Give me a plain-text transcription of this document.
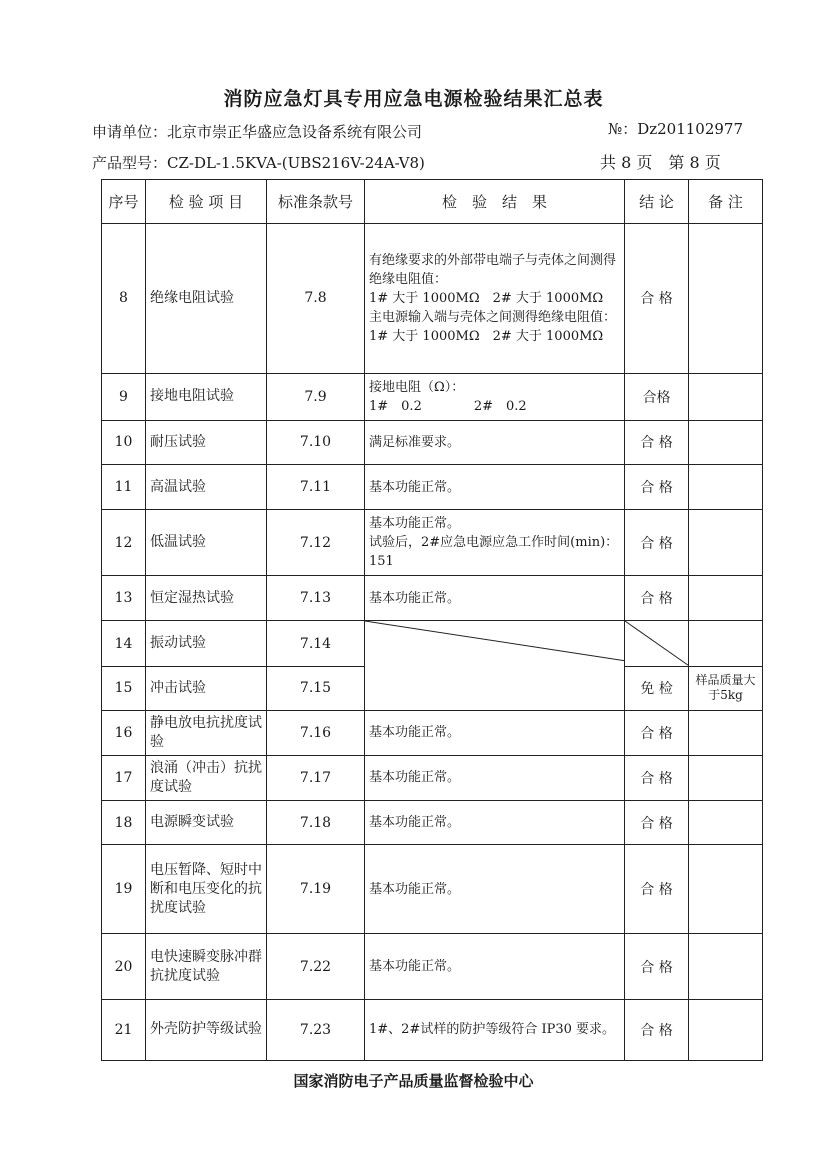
消防应急灯具专用应急电源检验结果汇总表
申请单位：北京市崇正华盛应急设备系统有限公司	№：Dz201102977
产品型号：CZ-DL-1.5KVA-(UBS216V-24A-V8)	共 8 页　第 8 页
序号	检 验 项 目	标准条款号	检　验　结　果	结 论	备 注
8	绝缘电阻试验	7.8	有绝缘要求的外部带电端子与壳体之间测得绝缘电阻值：
1# 大于 1000MΩ　2# 大于 1000MΩ
主电源输入端与壳体之间测得绝缘电阻值：
1# 大于 1000MΩ　2# 大于 1000MΩ	合 格	
9	接地电阻试验	7.9	接地电阻（Ω）：
1#　0.2　　　　2#　0.2	合格	
10	耐压试验	7.10	满足标准要求。	合 格	
11	高温试验	7.11	基本功能正常。	合 格	
12	低温试验	7.12	基本功能正常。
试验后，2#应急电源应急工作时间(min)：　　　151	合 格	
13	恒定湿热试验	7.13	基本功能正常。	合 格	
14	振动试验	7.14	

15	冲击试验	7.15		免 检	样品质量大于5kg
16	静电放电抗扰度试验	7.16	基本功能正常。	合 格	
17	浪涌（冲击）抗扰度试验	7.17	基本功能正常。	合 格	
18	电源瞬变试验	7.18	基本功能正常。	合 格	
19	电压暂降、短时中断和电压变化的抗扰度试验	7.19	基本功能正常。	合 格	
20	电快速瞬变脉冲群抗扰度试验	7.22	基本功能正常。	合 格	
21	外壳防护等级试验	7.23	1#、2#试样的防护等级符合 IP30 要求。	合 格	
国家消防电子产品质量监督检验中心
